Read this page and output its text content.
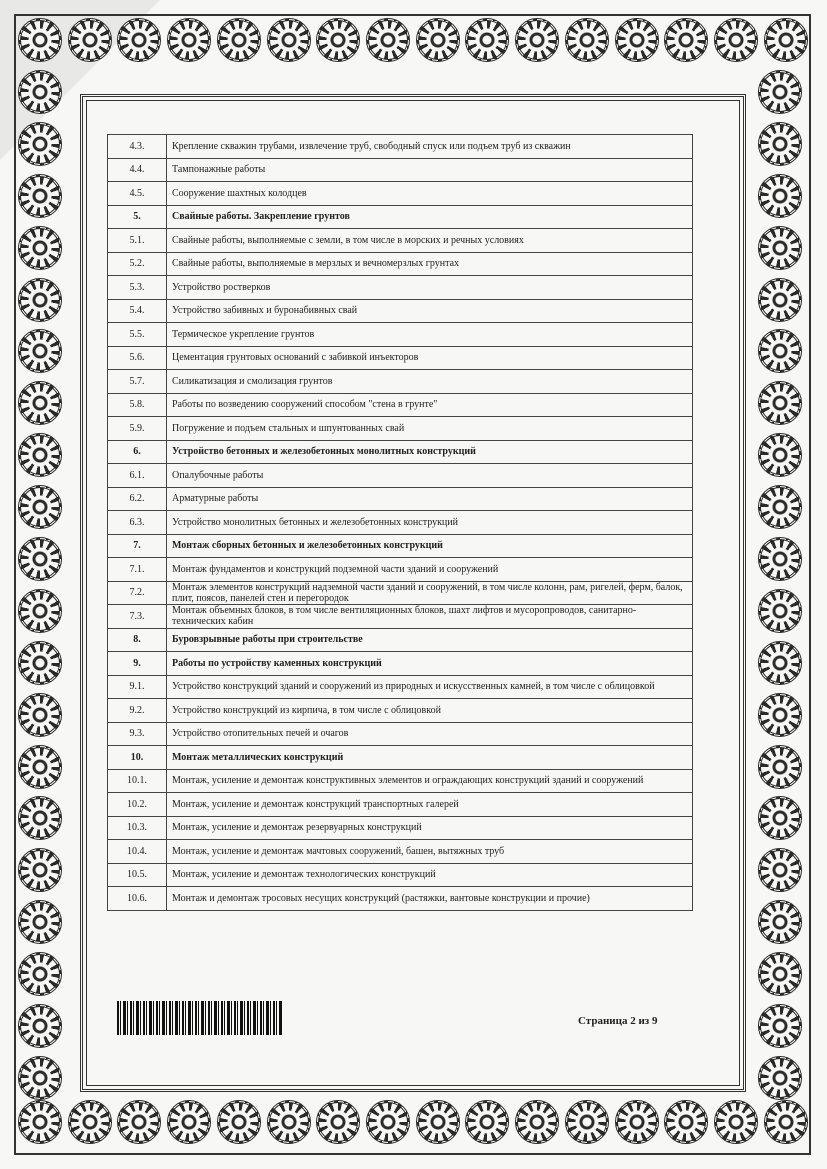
4.3.	Крепление скважин трубами, извлечение труб, свободный спуск или подъем труб из скважин
4.4.	Тампонажные работы
4.5.	Сооружение шахтных колодцев
5.	Свайные работы. Закрепление грунтов
5.1.	Свайные работы, выполняемые с земли, в том числе в морских и речных условиях
5.2.	Свайные работы, выполняемые в мерзлых и вечномерзлых грунтах
5.3.	Устройство ростверков
5.4.	Устройство забивных и буронабивных свай
5.5.	Термическое укрепление грунтов
5.6.	Цементация грунтовых оснований с забивкой инъекторов
5.7.	Силикатизация и смолизация грунтов
5.8.	Работы по возведению сооружений способом "стена в грунте"
5.9.	Погружение и подъем стальных и шпунтованных свай
6.	Устройство бетонных и железобетонных монолитных конструкций
6.1.	Опалубочные работы
6.2.	Арматурные работы
6.3.	Устройство монолитных бетонных и железобетонных конструкций
7.	Монтаж сборных бетонных и железобетонных конструкций
7.1.	Монтаж фундаментов и конструкций подземной части зданий и сооружений
7.2.	Монтаж элементов конструкций надземной части зданий и сооружений, в том числе колонн, рам, ригелей, ферм, балок, плит, поясов, панелей стен и перегородок
7.3.	Монтаж объемных блоков, в том числе вентиляционных блоков, шахт лифтов и мусоропроводов, санитарно-технических кабин
8.	Буровзрывные работы при строительстве
9.	Работы по устройству каменных конструкций
9.1.	Устройство конструкций зданий и сооружений из природных и искусственных камней, в том числе с облицовкой
9.2.	Устройство конструкций из кирпича, в том числе с облицовкой
9.3.	Устройство отопительных печей и очагов
10.	Монтаж металлических конструкций
10.1.	Монтаж, усиление и демонтаж конструктивных элементов и ограждающих конструкций зданий и сооружений
10.2.	Монтаж, усиление и демонтаж конструкций транспортных галерей
10.3.	Монтаж, усиление и демонтаж резервуарных конструкций
10.4.	Монтаж, усиление и демонтаж мачтовых сооружений, башен, вытяжных труб
10.5.	Монтаж, усиление и демонтаж технологических конструкций
10.6.	Монтаж и демонтаж тросовых несущих конструкций (растяжки, вантовые конструкции и прочие)
Страница 2 из 9
